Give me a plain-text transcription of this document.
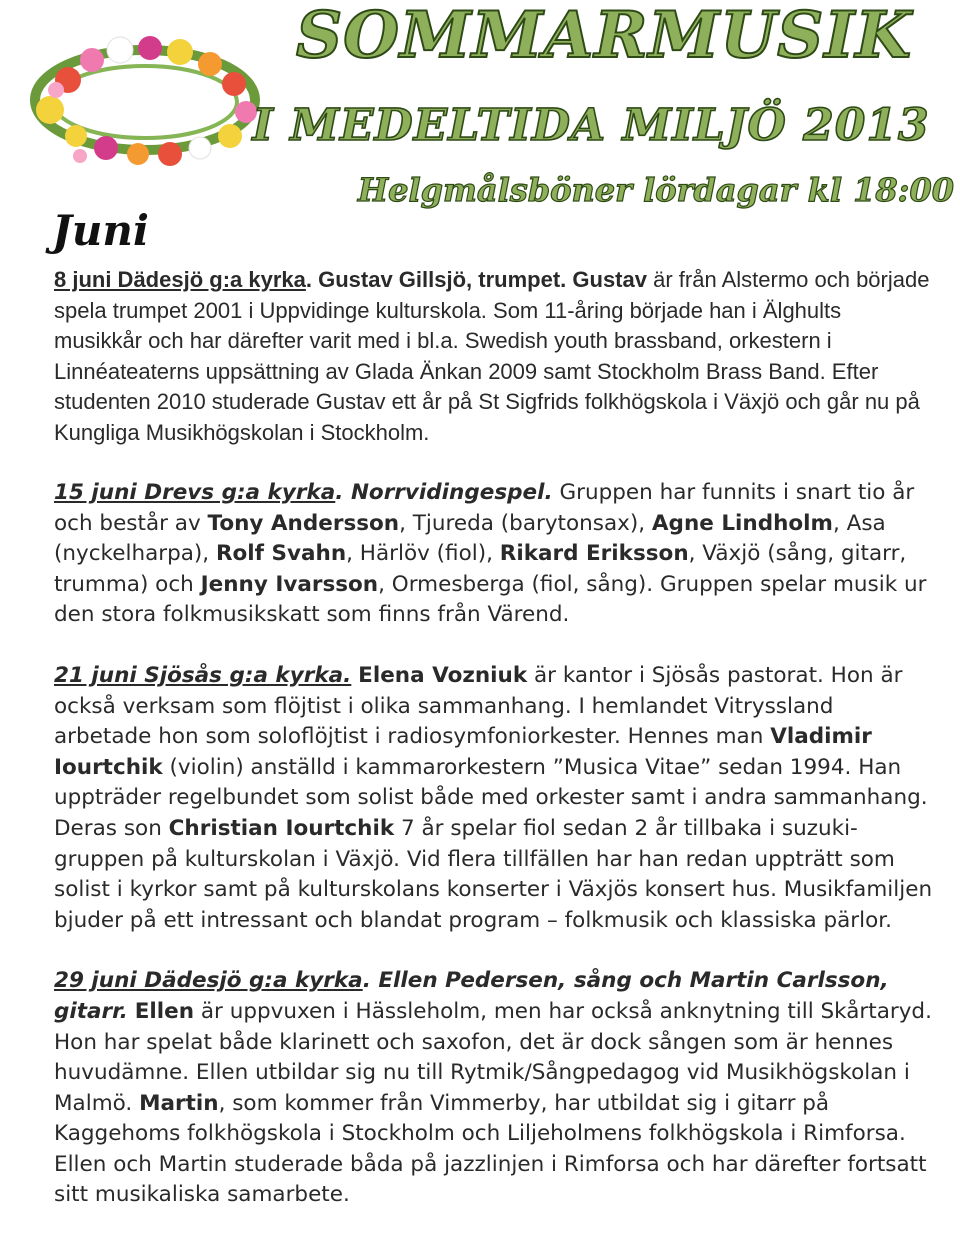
SOMMARMUSIK
I MEDELTIDA MILJÖ 2013
Helgmålsböner lördagar kl 18:00
Juni

8 juni Dädesjö g:a kyrka. Gustav Gillsjö, trumpet. Gustav är från Alstermo och började spela trumpet 2001 i Uppvidinge kulturskola. Som 11-åring började han i Älghults musikkår och har därefter varit med i bl.a. Swedish youth brassband, orkestern i Linnéateaterns uppsättning av Glada Änkan 2009 samt Stockholm Brass Band. Efter studenten 2010 studerade Gustav ett år på St Sigfrids folkhögskola i Växjö och går nu på Kungliga Musikhögskolan i Stockholm.

15 juni Drevs g:a kyrka. Norrvidingespel. Gruppen har funnits i snart tio år och består av Tony Andersson, Tjureda (barytonsax), Agne Lindholm, Asa (nyckelharpa), Rolf Svahn, Härlöv (fiol), Rikard Eriksson, Växjö (sång, gitarr, trumma) och Jenny Ivarsson, Ormesberga (fiol, sång). Gruppen spelar musik ur den stora folkmusikskatt som finns från Värend.

21 juni Sjösås g:a kyrka. Elena Vozniuk är kantor i Sjösås pastorat. Hon är också verksam som flöjtist i olika sammanhang. I hemlandet Vitryssland arbetade hon som soloflöjtist i radiosymfoniorkester. Hennes man Vladimir Iourtchik (violin) anställd i kammarorkestern ”Musica Vitae” sedan 1994. Han uppträder regelbundet som solist både med orkester samt i andra sammanhang. Deras son Christian Iourtchik 7 år spelar fiol sedan 2 år tillbaka i suzuki-gruppen på kulturskolan i Växjö. Vid flera tillfällen har han redan uppträtt som solist i kyrkor samt på kulturskolans konserter i Växjös konsert hus. Musikfamiljen bjuder på ett intressant och blandat program – folkmusik och klassiska pärlor.

29 juni Dädesjö g:a kyrka. Ellen Pedersen, sång och Martin Carlsson, gitarr. Ellen är uppvuxen i Hässleholm, men har också anknytning till Skårtaryd. Hon har spelat både klarinett och saxofon, det är dock sången som är hennes huvudämne. Ellen utbildar sig nu till Rytmik/Sångpedagog vid Musikhögskolan i Malmö. Martin, som kommer från Vimmerby, har utbildat sig i gitarr på Kaggehoms folkhögskola i Stockholm och Liljeholmens folkhögskola i Rimforsa. Ellen och Martin studerade båda på jazzlinjen i Rimforsa och har därefter fortsatt sitt musikaliska samarbete.
